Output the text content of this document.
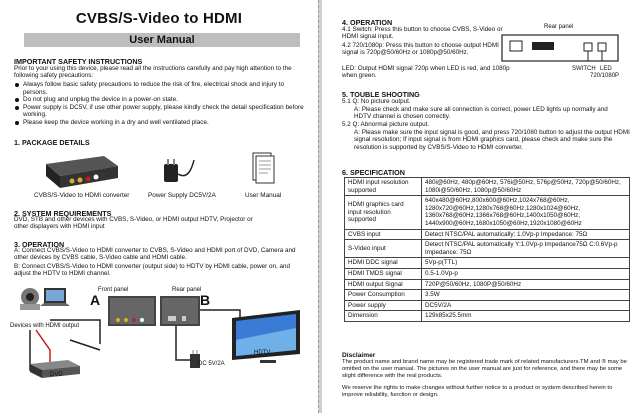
CVBS/S-Video to HDMI
User Manual
IMPORTANT SAFETY INSTRUCTIONS
Prior to your using this device, please read all the instructions carefully and pay high attention to the following safety precautions:
Always follow basic safety precautions to reduce the risk of fire, electrical shock and injury to persons.
Do not plug and unplug the device in a power-on state.
Power supply is DC5V, if use other power supply, please kindly check the detail specification before working.
Please keep the device working in a dry and well ventilated place.
1. PACKAGE DETAILS
CVBS/S-Video to HDMI converter	Power Supply DC5V/2A	User Manual
2. SYSTEM REQUIREMENTS
DVD, STB and other devices with CVBS, S-Video, or HDMI output HDTV, Projector or other displayers with HDMI input
3. OPERATION
A: Connect CVBS/S-Video to HDMI converter to CVBS, S-Video and HDMI port of DVD, Camera and other devices by CVBS cable, S-Video cable and HDMI cable.
B: Connect CVBS/S-Video to HDMI converter (output side) to HDTV by HDMI cable, power on, and adjust the HDTV to HDMI channel.
A	B
Front panel	Rear panel
Devices with HDMI output
DVD
HDTV
DC 5V/2A
4. OPERATION
4.1 Switch: Press this button to choose CVBS, S-Video or HDMI signal input.
4.2 720/1080p: Press this button to choose output HDMI signal is 720p@50/60Hz or 1080p@50/60Hz.
LED: Output HDMI signal 720p when LED is red, and 1080p when green.
Rear panel
SWITCH LED
720/1080P
5. TOUBLE SHOOTING
5.1 Q: No picture output.
A: Please check and make sure all connection is correct, power LED lights up normally and HDTV channel is chosen correctly.
5.2 Q: Abnormal picture output.
A: Please make sure the input signal is good, and press 720/1080 button to adjust the output HDMI signal resolution; If input signal is from HDMI graphics card, please check and make sure the resolution is supported by CVBS/S-Video to HDMI converter.
6. SPECIFICATION
HDMI input resolution supported	480i@60Hz, 480p@60Hz, 576i@50Hz, 576p@50Hz, 720p@50/60Hz, 1080i@50/60Hz, 1080p@50/60Hz
HDMI graphics card input resolution supported	640x480@60Hz,800x600@60Hz,1024x768@60Hz, 1280x720@60Hz,1280x768@60Hz,1280x1024@60Hz, 1360x768@60Hz,1366x768@60Hz,1400x1050@60Hz, 1440x900@60Hz,1680x1050@60Hz,1920x1080@60Hz
CVBS input	Detect NTSC/PAL automatically: 1.0Vp-p Impedance: 75Ω
S-Video input	Detect NTSC/PAL automatically Y:1.0Vp-p Impedance75Ω C:0.6Vp-p Impedance: 75Ω
HDMI DDC signal	5Vp-p(TTL)
HDMI TMDS signal	0.5-1.0Vp-p
HDMI output Signal	720P@50/60Hz, 1080P@50/60Hz
Power Consumption	3.5W
Power supply	DC5V/2A
Dimension	129x85x25.5mm
Disclaimer
The product name and brand name may be registered trade mark of related manufacturers.TM and ® may be omitted on the user manual. The pictures on the user manual are just for reference, and there may be some slight difference with the real products.
We reserve the rights to make changes without further notice to a product or system described herein to improve reliability, function or design.
